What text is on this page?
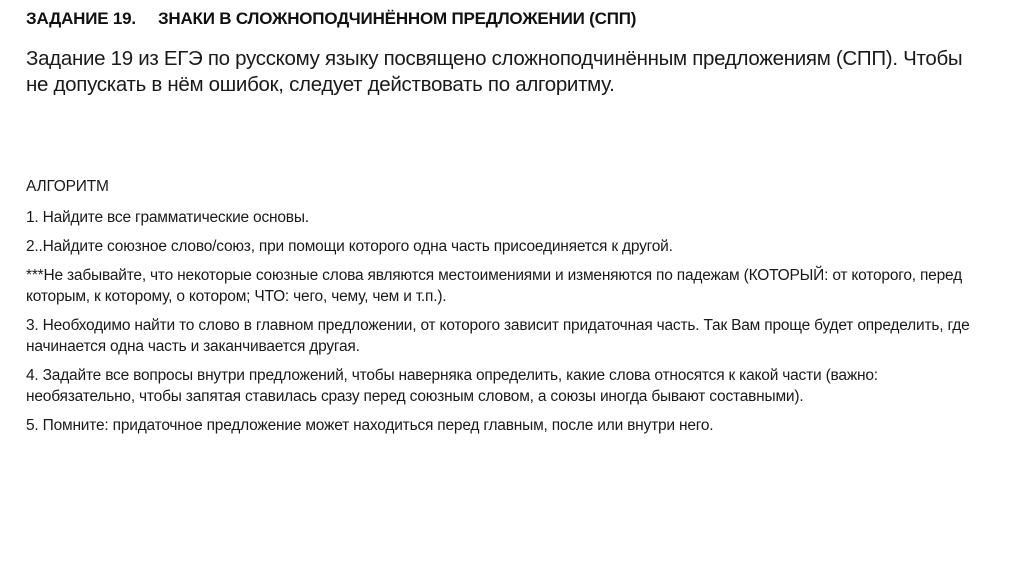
ЗАДАНИЕ 19. ЗНАКИ В СЛОЖНОПОДЧИНЁННОМ ПРЕДЛОЖЕНИИ (СПП)
Задание 19 из ЕГЭ по русскому языку посвящено сложноподчинённым предложениям (СПП). Чтобы не допускать в нём ошибок, следует действовать по алгоритму.

АЛГОРИТМ

1. Найдите все грамматические основы.

2..Найдите союзное слово/союз, при помощи которого одна часть присоединяется к другой.

***Не забывайте, что некоторые союзные слова являются местоимениями и изменяются по падежам (КОТОРЫЙ: от которого, перед которым, к которому, о котором; ЧТО: чего, чему, чем и т.п.).

3. Необходимо найти то слово в главном предложении, от которого зависит придаточная часть. Так Вам проще будет определить, где начинается одна часть и заканчивается другая.

4. Задайте все вопросы внутри предложений, чтобы наверняка определить, какие слова относятся к какой части (важно: необязательно, чтобы запятая ставилась сразу перед союзным словом, а союзы иногда бывают составными).

5. Помните: придаточное предложение может находиться перед главным, после или внутри него.
